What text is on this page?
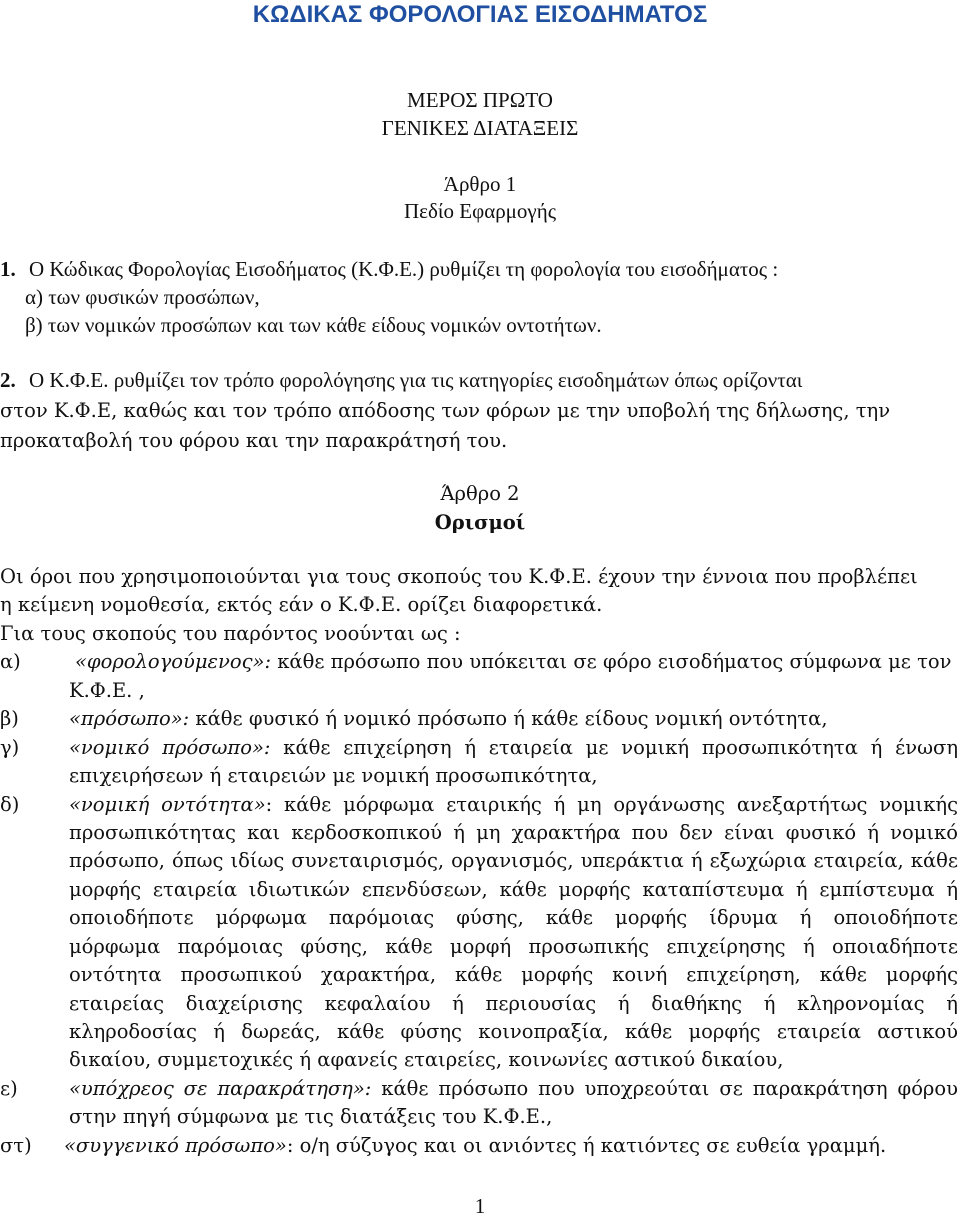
ΚΩΔΙΚΑΣ ΦΟΡΟΛΟΓΙΑΣ ΕΙΣΟΔΗΜΑΤΟΣ
ΜΕΡΟΣ ΠΡΩΤΟ
ΓΕΝΙΚΕΣ ΔΙΑΤΑΞΕΙΣ
Άρθρο 1
Πεδίο Εφαρμογής
1. Ο Κώδικας Φορολογίας Εισοδήματος (Κ.Φ.Ε.) ρυθμίζει τη φορολογία του εισοδήματος :
α) των φυσικών προσώπων,
β) των νομικών προσώπων και των κάθε είδους νομικών οντοτήτων.
2. Ο Κ.Φ.Ε. ρυθμίζει τον τρόπο φορολόγησης για τις κατηγορίες εισοδημάτων όπως ορίζονται
στον Κ.Φ.Ε, καθώς και τον τρόπο απόδοσης των φόρων με την υποβολή της δήλωσης, την
προκαταβολή του φόρου και την παρακράτησή του.
Άρθρο 2
Ορισμοί
Οι όροι που χρησιμοποιούνται για τους σκοπούς του Κ.Φ.Ε. έχουν την έννοια που προβλέπει
η κείμενη νομοθεσία, εκτός εάν ο Κ.Φ.Ε. ορίζει διαφορετικά.
Για τους σκοπούς του παρόντος νοούνται ως :
α)	«φορολογούμενος»: κάθε πρόσωπο που υπόκειται σε φόρο εισοδήματος σύμφωνα με τον
Κ.Φ.Ε. ,
β)	«πρόσωπο»: κάθε φυσικό ή νομικό πρόσωπο ή κάθε είδους νομική οντότητα,
γ)	«νομικό πρόσωπο»: κάθε επιχείρηση ή εταιρεία με νομική προσωπικότητα ή ένωση
επιχειρήσεων ή εταιρειών με νομική προσωπικότητα,
δ)	«νομική οντότητα»: κάθε μόρφωμα εταιρικής ή μη οργάνωσης ανεξαρτήτως νομικής
προσωπικότητας και κερδοσκοπικού ή μη χαρακτήρα που δεν είναι φυσικό ή νομικό
πρόσωπο, όπως ιδίως συνεταιρισμός, οργανισμός, υπεράκτια ή εξωχώρια εταιρεία, κάθε
μορφής εταιρεία ιδιωτικών επενδύσεων, κάθε μορφής καταπίστευμα ή εμπίστευμα ή
οποιοδήποτε μόρφωμα παρόμοιας φύσης, κάθε μορφής ίδρυμα ή οποιοδήποτε
μόρφωμα παρόμοιας φύσης, κάθε μορφή προσωπικής επιχείρησης ή οποιαδήποτε
οντότητα προσωπικού χαρακτήρα, κάθε μορφής κοινή επιχείρηση, κάθε μορφής
εταιρείας διαχείρισης κεφαλαίου ή περιουσίας ή διαθήκης ή κληρονομίας ή
κληροδοσίας ή δωρεάς, κάθε φύσης κοινοπραξία, κάθε μορφής εταιρεία αστικού
δικαίου, συμμετοχικές ή αφανείς εταιρείες, κοινωνίες αστικού δικαίου,
ε)	«υπόχρεος σε παρακράτηση»: κάθε πρόσωπο που υποχρεούται σε παρακράτηση φόρου
στην πηγή σύμφωνα με τις διατάξεις του Κ.Φ.Ε.,
στ) «συγγενικό πρόσωπο»: ο/η σύζυγος και οι ανιόντες ή κατιόντες σε ευθεία γραμμή.
1
